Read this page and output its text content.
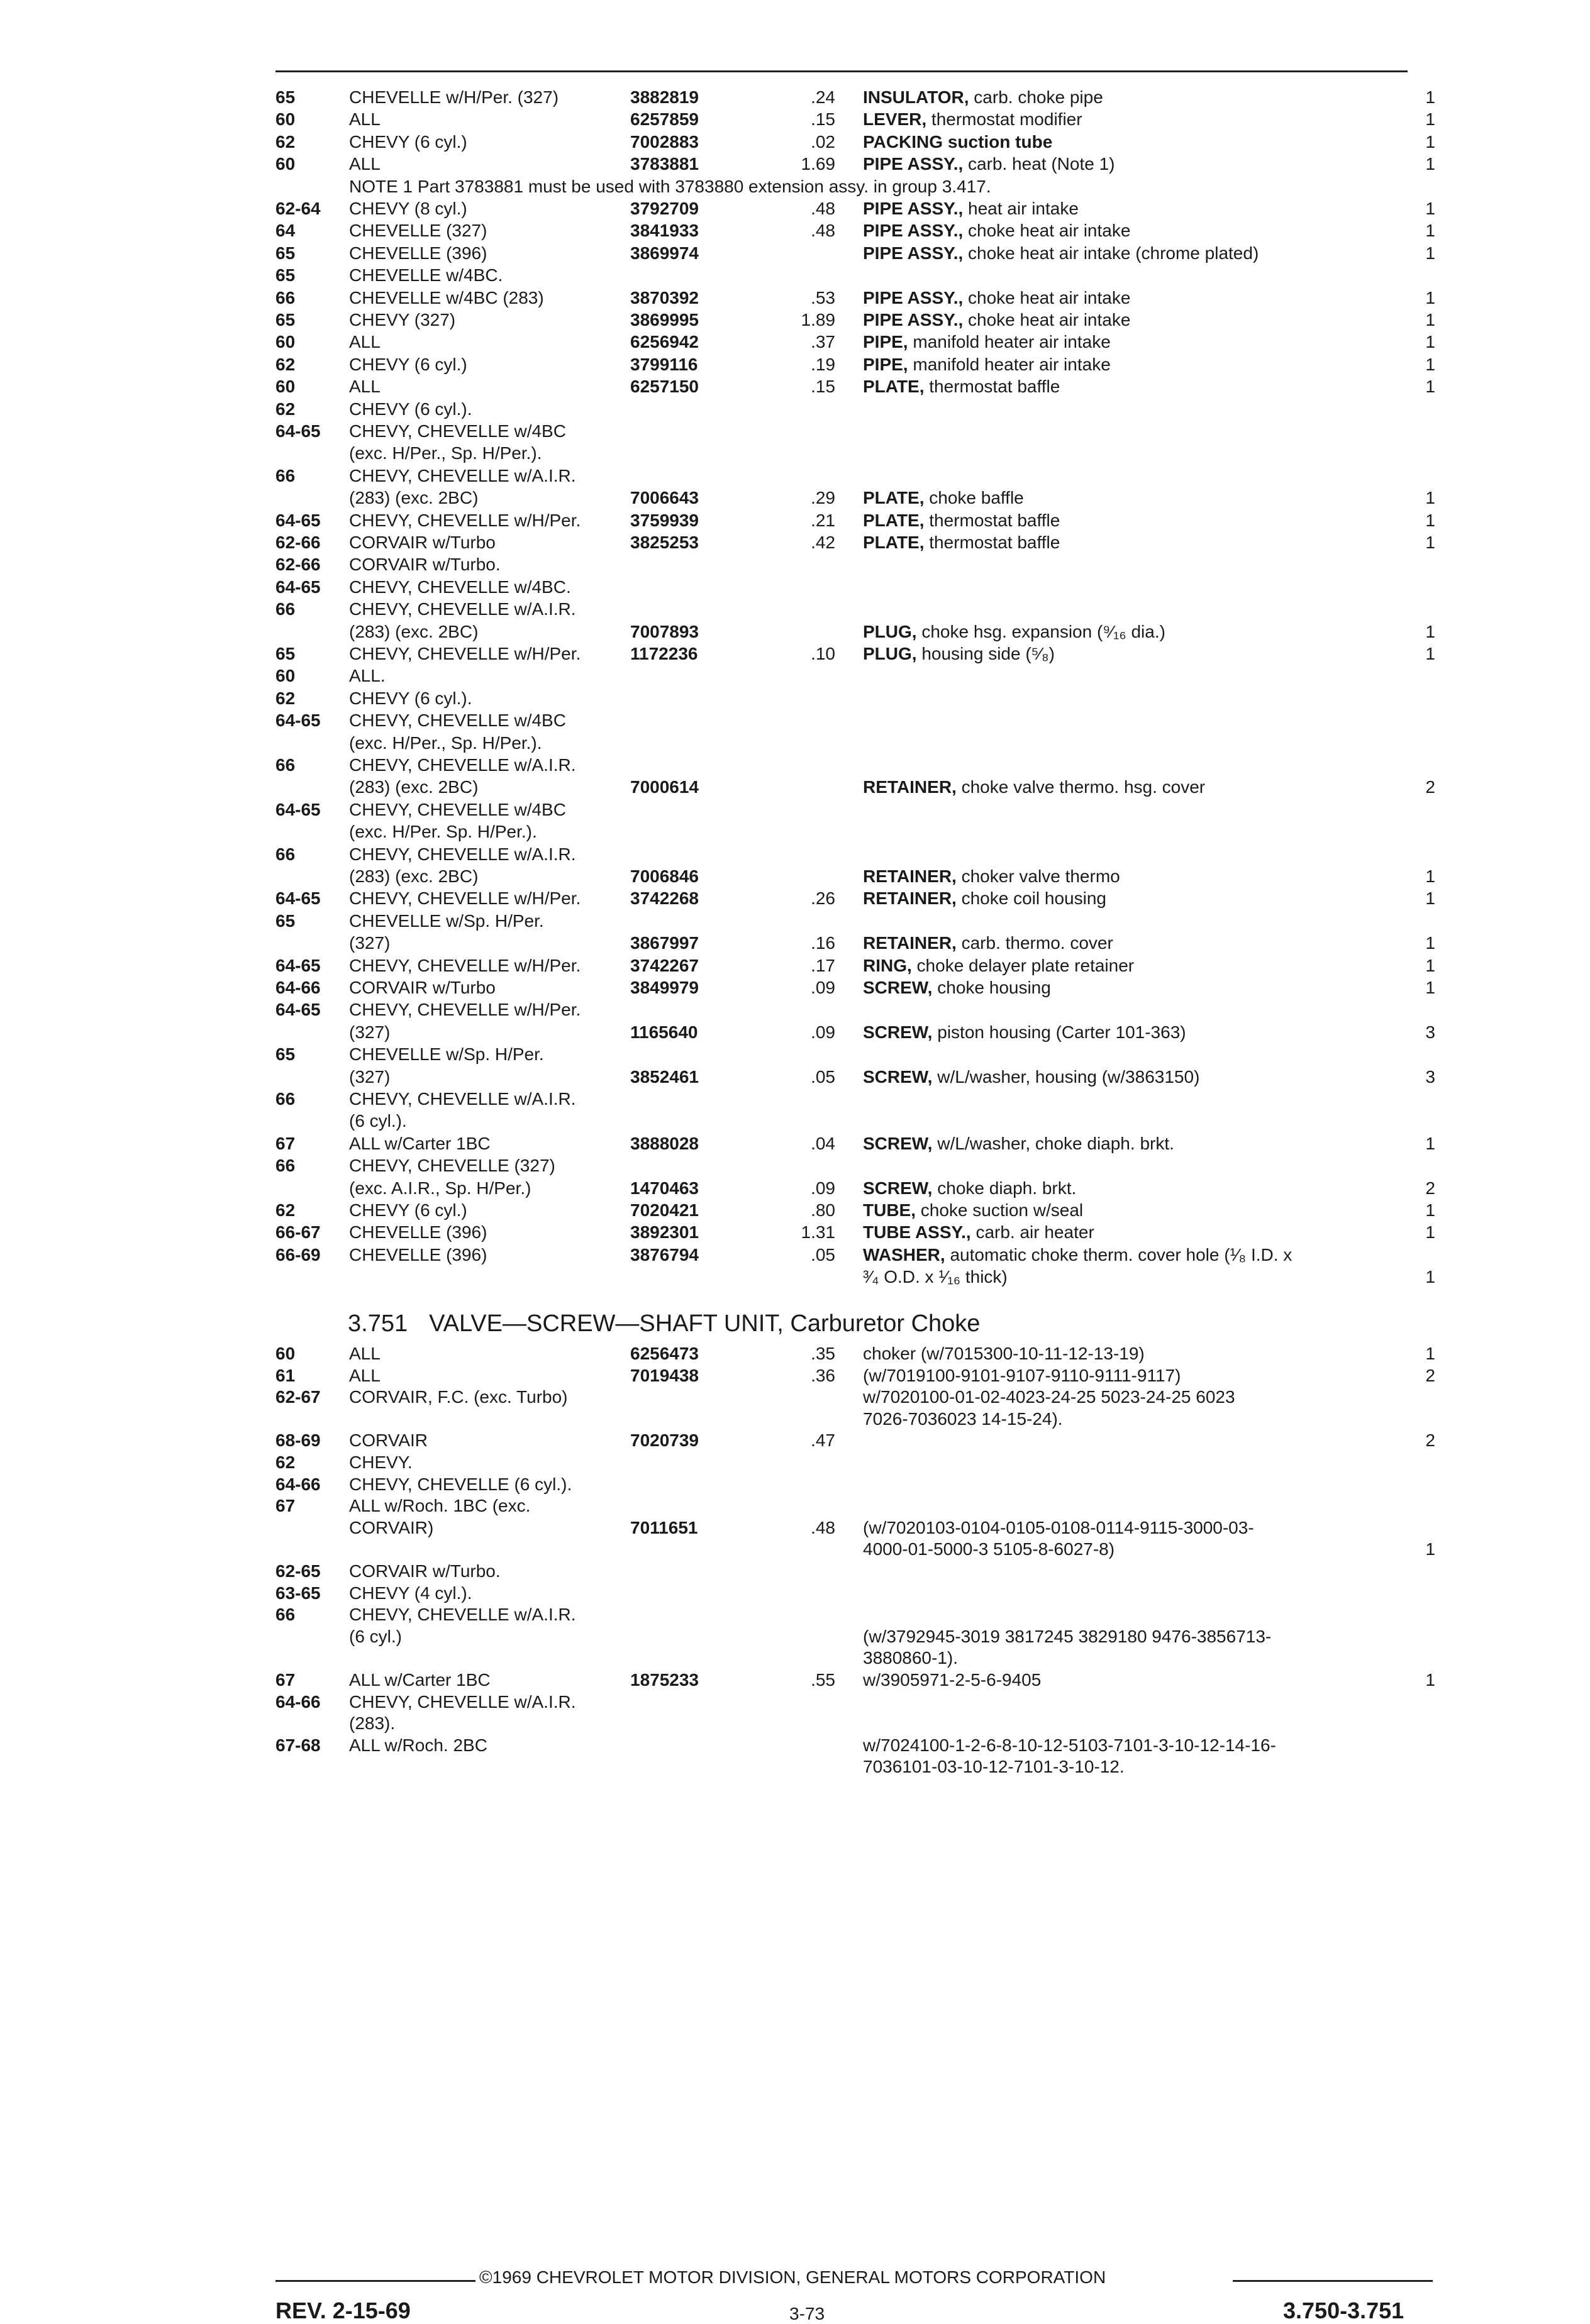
65	CHEVELLE w/H/Per. (327)	3882819	.24 INSULATOR, carb. choke pipe	1
60	ALL	6257859	.15 LEVER, thermostat modifier	1
62	CHEVY (6 cyl.)	7002883	.02 PACKING suction tube	1
60	ALL	3783881	1.69 PIPE ASSY., carb. heat (Note 1)	1
NOTE 1 Part 3783881 must be used with 3783880 extension assy. in group 3.417.
62-64 CHEVY (8 cyl.)	3792709	.48 PIPE ASSY., heat air intake	1
64	CHEVELLE (327)	3841933	.48 PIPE ASSY., choke heat air intake	1
65	CHEVELLE (396)	3869974	PIPE ASSY., choke heat air intake (chrome plated)	1
65	CHEVELLE w/4BC.
66	CHEVELLE w/4BC (283)	3870392	.53 PIPE ASSY., choke heat air intake	1
65	CHEVY (327)	3869995	1.89 PIPE ASSY., choke heat air intake	1
60	ALL	6256942	.37 PIPE, manifold heater air intake	1
62	CHEVY (6 cyl.)	3799116	.19 PIPE, manifold heater air intake	1
60	ALL	6257150	.15 PLATE, thermostat baffle	1
62	CHEVY (6 cyl.).
64-65 CHEVY, CHEVELLE w/4BC
(exc. H/Per., Sp. H/Per.).
66	CHEVY, CHEVELLE w/A.I.R.
(283) (exc. 2BC)	7006643	.29 PLATE, choke baffle	1
64-65 CHEVY, CHEVELLE w/H/Per.	3759939	.21 PLATE, thermostat baffle	1
62-66 CORVAIR w/Turbo	3825253	.42 PLATE, thermostat baffle	1
62-66 CORVAIR w/Turbo.
64-65 CHEVY, CHEVELLE w/4BC.
66	CHEVY, CHEVELLE w/A.I.R.
(283) (exc. 2BC)	7007893	PLUG, choke hsg. expansion (⁹⁄₁₆ dia.)	1
65	CHEVY, CHEVELLE w/H/Per.	1172236	.10 PLUG, housing side (⁵⁄₈)	1
60	ALL.
62	CHEVY (6 cyl.).
64-65 CHEVY, CHEVELLE w/4BC
(exc. H/Per., Sp. H/Per.).
66	CHEVY, CHEVELLE w/A.I.R.
(283) (exc. 2BC)	7000614	RETAINER, choke valve thermo. hsg. cover	2
64-65 CHEVY, CHEVELLE w/4BC
(exc. H/Per. Sp. H/Per.).
66	CHEVY, CHEVELLE w/A.I.R.
(283) (exc. 2BC)	7006846	RETAINER, choker valve thermo	1
64-65 CHEVY, CHEVELLE w/H/Per.	3742268	.26 RETAINER, choke coil housing	1
65	CHEVELLE w/Sp. H/Per.
(327)	3867997	.16 RETAINER, carb. thermo. cover	1
64-65 CHEVY, CHEVELLE w/H/Per.	3742267	.17 RING, choke delayer plate retainer	1
64-66 CORVAIR w/Turbo	3849979	.09 SCREW, choke housing	1
64-65 CHEVY, CHEVELLE w/H/Per.
(327)	1165640	.09 SCREW, piston housing (Carter 101-363)	3
65	CHEVELLE w/Sp. H/Per.
(327)	3852461	.05 SCREW, w/L/washer, housing (w/3863150)	3
66	CHEVY, CHEVELLE w/A.I.R.
(6 cyl.).
67	ALL w/Carter 1BC	3888028	.04 SCREW, w/L/washer, choke diaph. brkt.	1
66	CHEVY, CHEVELLE (327)
(exc. A.I.R., Sp. H/Per.)	1470463	.09 SCREW, choke diaph. brkt.	2
62	CHEVY (6 cyl.)	7020421	.80 TUBE, choke suction w/seal	1
66-67 CHEVELLE (396)	3892301	1.31 TUBE ASSY., carb. air heater	1
66-69 CHEVELLE (396)	3876794	.05 WASHER, automatic choke therm. cover hole (¹⁄₈ I.D. x
³⁄₄ O.D. x ¹⁄₁₆ thick)	1
3.751 VALVE—SCREW—SHAFT UNIT, Carburetor Choke
60	ALL	6256473	.35 choker (w/7015300-10-11-12-13-19)	1
61	ALL	7019438	.36 (w/7019100-9101-9107-9110-9111-9117)	2
62-67 CORVAIR, F.C. (exc. Turbo)	w/7020100-01-02-4023-24-25 5023-24-25 6023
7026-7036023 14-15-24).
68-69 CORVAIR	7020739	.47	2
62	CHEVY.
64-66 CHEVY, CHEVELLE (6 cyl.).
67	ALL w/Roch. 1BC (exc.
CORVAIR)	7011651	.48 (w/7020103-0104-0105-0108-0114-9115-3000-03-
4000-01-5000-3 5105-8-6027-8)	1
62-65 CORVAIR w/Turbo.
63-65 CHEVY (4 cyl.).
66	CHEVY, CHEVELLE w/A.I.R.
(6 cyl.)	(w/3792945-3019 3817245 3829180 9476-3856713-
3880860-1).
67	ALL w/Carter 1BC	1875233	.55 w/3905971-2-5-6-9405	1
64-66 CHEVY, CHEVELLE w/A.I.R.
(283).
67-68 ALL w/Roch. 2BC	w/7024100-1-2-6-8-10-12-5103-7101-3-10-12-14-16-
7036101-03-10-12-7101-3-10-12.
©1969 CHEVROLET MOTOR DIVISION, GENERAL MOTORS CORPORATION
REV. 2-15-69	3-73	3.750-3.751
